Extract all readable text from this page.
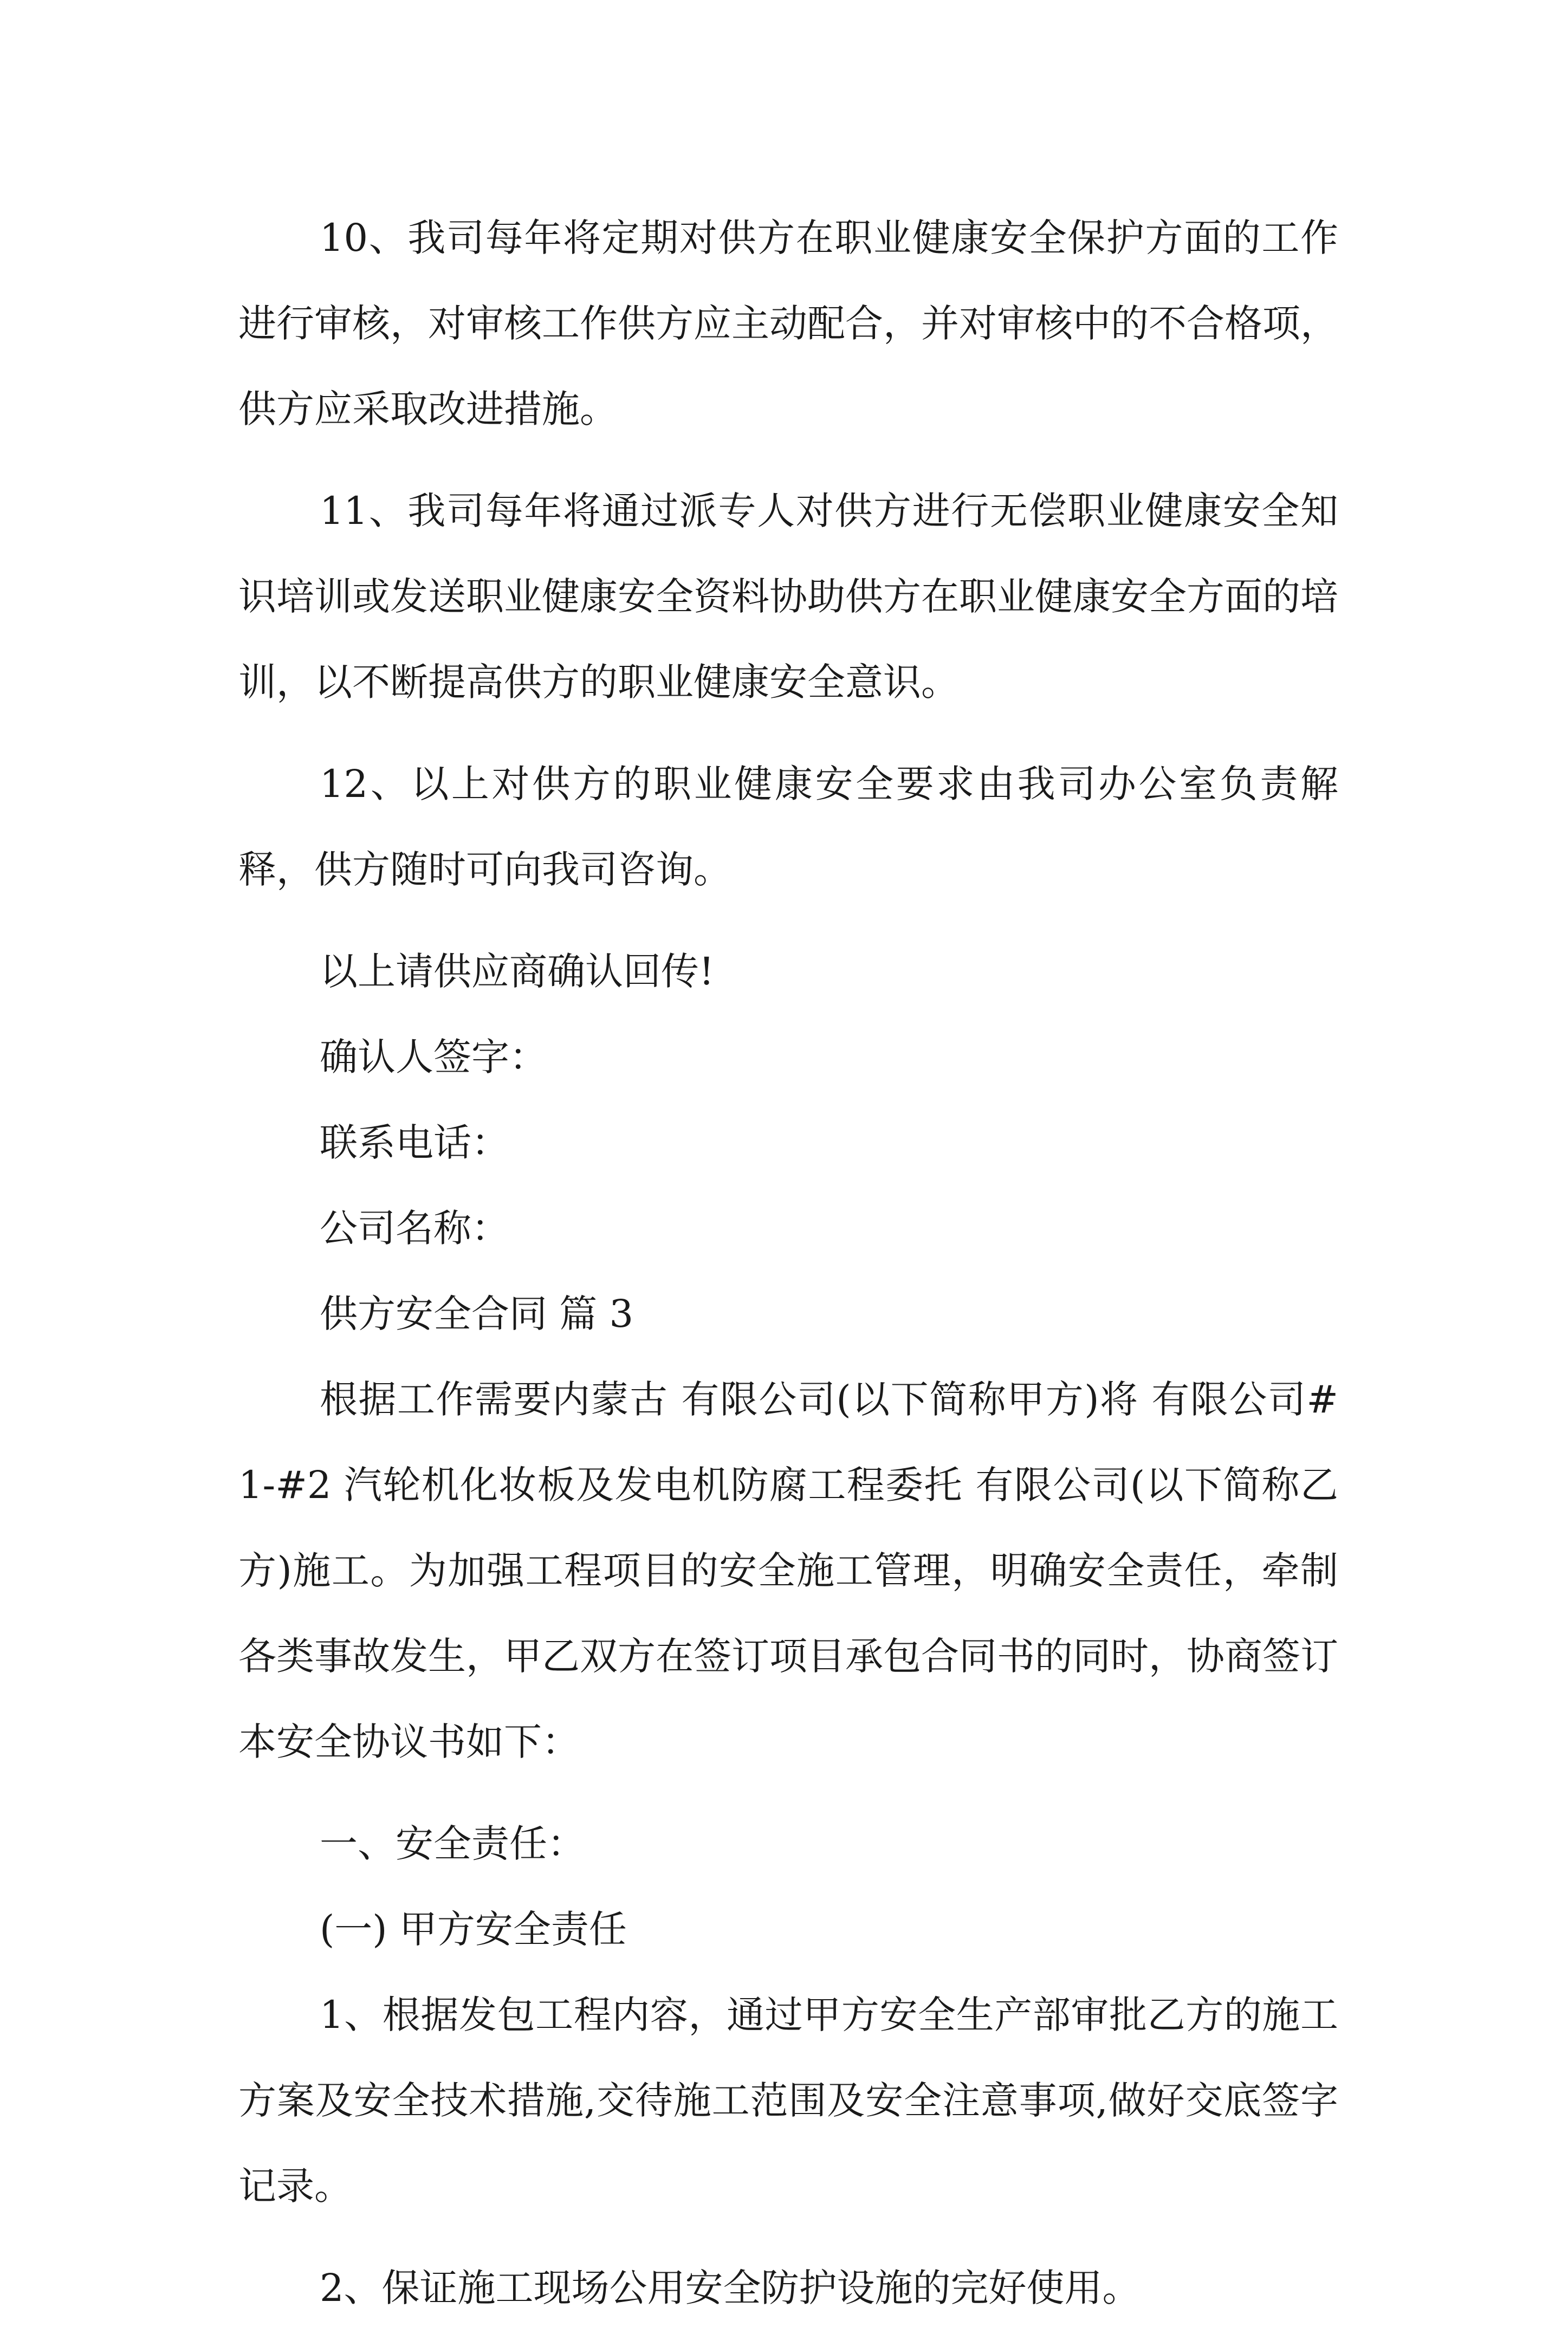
10、我司每年将定期对供方在职业健康安全保护方面的工作进行审核，对审核工作供方应主动配合，并对审核中的不合格项，供方应采取改进措施。

11、我司每年将通过派专人对供方进行无偿职业健康安全知识培训或发送职业健康安全资料协助供方在职业健康安全方面的培训，以不断提高供方的职业健康安全意识。

12、以上对供方的职业健康安全要求由我司办公室负责解释，供方随时可向我司咨询。

以上请供应商确认回传!

确认人签字：

联系电话：

公司名称：

供方安全合同 篇 3

根据工作需要内蒙古 有限公司(以下简称甲方)将 有限公司#1-#2 汽轮机化妆板及发电机防腐工程委托 有限公司(以下简称乙方)施工。为加强工程项目的安全施工管理，明确安全责任，牵制各类事故发生，甲乙双方在签订项目承包合同书的同时，协商签订本安全协议书如下：

一、安全责任：

(一) 甲方安全责任

1、根据发包工程内容，通过甲方安全生产部审批乙方的施工方案及安全技术措施,交待施工范围及安全注意事项,做好交底签字记录。

2、保证施工现场公用安全防护设施的完好使用。
